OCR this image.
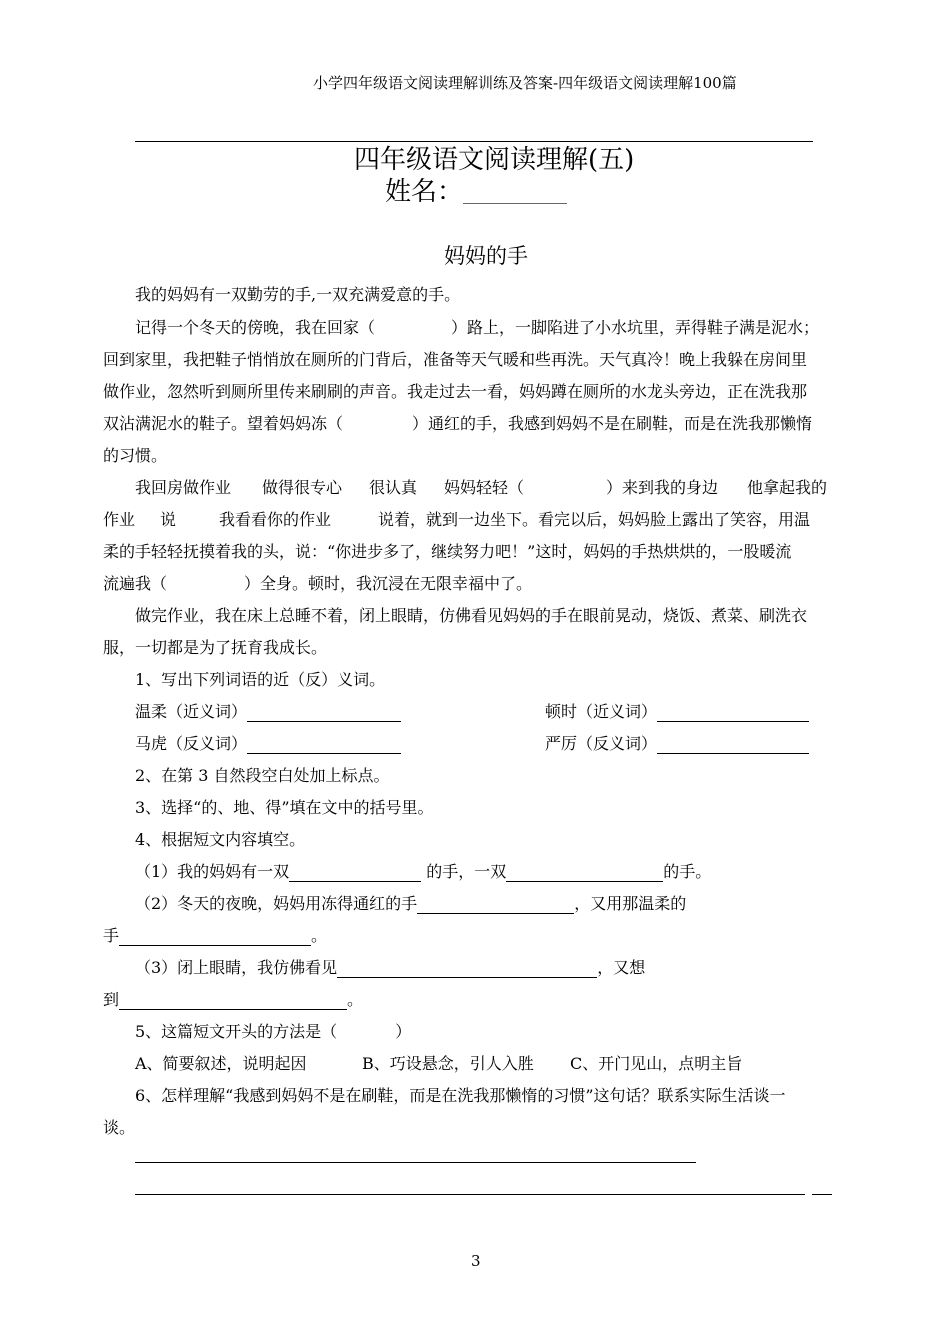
小学四年级语文阅读理解训练及答案-四年级语文阅读理解100篇
四年级语文阅读理解(五)
姓名：_____________
妈妈的手
我的妈妈有一双勤劳的手,一双充满爱意的手。
记得一个冬天的傍晚，我在回家（	）路上，一脚陷进了小水坑里，弄得鞋子满是泥水；
回到家里，我把鞋子悄悄放在厕所的门背后，准备等天气暖和些再洗。天气真冷！晚上我躲在房间里
做作业，忽然听到厕所里传来刷刷的声音。我走过去一看，妈妈蹲在厕所的水龙头旁边，正在洗我那
双沾满泥水的鞋子。望着妈妈冻（	）通红的手，我感到妈妈不是在刷鞋，而是在洗我那懒惰
的习惯。
我回房做作业 做得很专心 很认真 妈妈轻轻（	）来到我的身边 他拿起我的
作业 说	我看看你的作业	说着，就到一边坐下。看完以后，妈妈脸上露出了笑容，用温
柔的手轻轻抚摸着我的头，说：“你进步多了，继续努力吧！”这时，妈妈的手热烘烘的，一股暖流
流遍我（	）全身。顿时，我沉浸在无限幸福中了。
做完作业，我在床上总睡不着，闭上眼睛，仿佛看见妈妈的手在眼前晃动，烧饭、煮菜、刷洗衣
服，一切都是为了抚育我成长。
1、写出下列词语的近（反）义词。
温柔（近义词）	顿时（近义词）
马虎（反义词）	严厉（反义词）
2、在第 3 自然段空白处加上标点。
3、选择“的、地、得”填在文中的括号里。
4、根据短文内容填空。
（1）我的妈妈有一双	的手，一双	的手。
（2）冬天的夜晚，妈妈用冻得通红的手	，又用那温柔的
手	。
（3）闭上眼睛，我仿佛看见	，又想
到	。
5、这篇短文开头的方法是（	）
A、简要叙述，说明起因	B、巧设悬念，引人入胜 C、开门见山，点明主旨
6、怎样理解“我感到妈妈不是在刷鞋，而是在洗我那懒惰的习惯”这句话？联系实际生活谈一
谈。
3
